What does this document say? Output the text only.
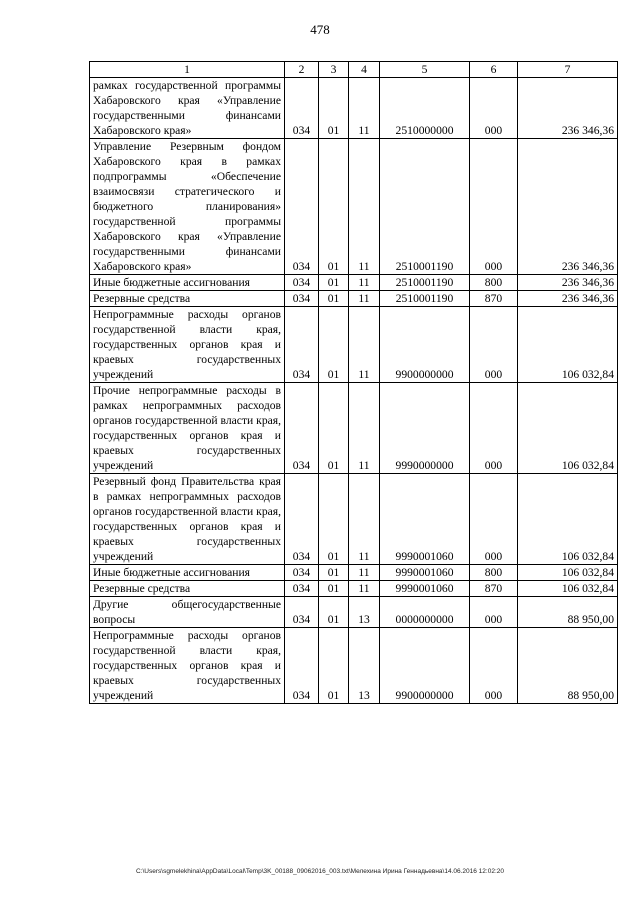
478
1	2	3	4	5	6	7
рамках государственной программы Хабаровского края «Управление государственными финансами Хабаровского края»	034	01	11	2510000000	000	236 346,36
Управление Резервным фондом Хабаровского края в рамках подпрограммы «Обеспечение взаимосвязи стратегического и бюджетного планирования» государственной программы Хабаровского края «Управление государственными финансами Хабаровского края»	034	01	11	2510001190	000	236 346,36
Иные бюджетные ассигнования	034	01	11	2510001190	800	236 346,36
Резервные средства	034	01	11	2510001190	870	236 346,36
Непрограммные расходы органов государственной власти края, государственных органов края и краевых государственных учреждений	034	01	11	9900000000	000	106 032,84
Прочие непрограммные расходы в рамках непрограммных расходов органов государственной власти края, государственных органов края и краевых государственных учреждений	034	01	11	9990000000	000	106 032,84
Резервный фонд Правительства края в рамках непрограммных расходов органов государственной власти края, государственных органов края и краевых государственных учреждений	034	01	11	9990001060	000	106 032,84
Иные бюджетные ассигнования	034	01	11	9990001060	800	106 032,84
Резервные средства	034	01	11	9990001060	870	106 032,84
Другие общегосударственные вопросы	034	01	13	0000000000	000	88 950,00
Непрограммные расходы органов государственной власти края, государственных органов края и краевых государственных учреждений	034	01	13	9900000000	000	88 950,00
C:\Users\sgmelekhina\AppData\Local\Temp\3K_00188_09062016_003.txt\Мелехина Ирина Геннадьевна\14.06.2016 12:02:20
